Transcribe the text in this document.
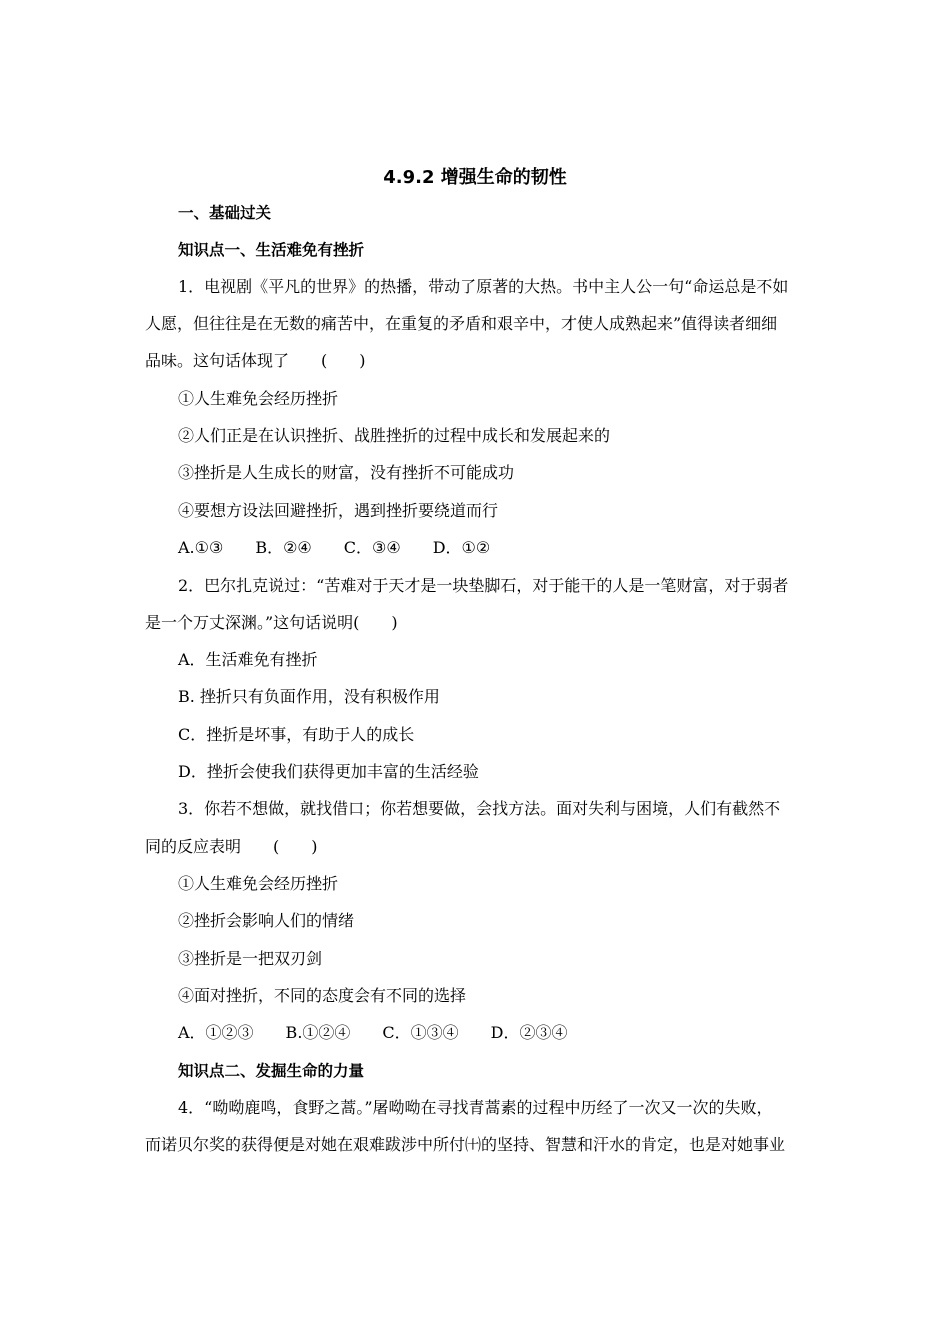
4.9.2 增强生命的韧性
一、基础过关
知识点一、生活难免有挫折
1．电视剧《平凡的世界》的热播，带动了原著的大热。书中主人公一句“命运总是不如
人愿，但往往是在无数的痛苦中，在重复的矛盾和艰辛中，才使人成熟起来”值得读者细细
品味。这句话体现了　　(　　)
①人生难免会经历挫折
②人们正是在认识挫折、战胜挫折的过程中成长和发展起来的
③挫折是人生成长的财富，没有挫折不可能成功
④要想方设法回避挫折，遇到挫折要绕道而行
A.①③　　B．②④　　C．③④　　D．①②
2．巴尔扎克说过：“苦难对于天才是一块垫脚石，对于能干的人是一笔财富，对于弱者
是一个万丈深渊。”这句话说明(　　)
A．生活难免有挫折
B. 挫折只有负面作用，没有积极作用
C．挫折是坏事，有助于人的成长
D．挫折会使我们获得更加丰富的生活经验
3．你若不想做，就找借口；你若想要做，会找方法。面对失利与困境，人们有截然不
同的反应表明　　(　　)
①人生难免会经历挫折
②挫折会影响人们的情绪
③挫折是一把双刃剑
④面对挫折，不同的态度会有不同的选择
A．①②③　　B.①②④　　C．①③④　　D．②③④
知识点二、发掘生命的力量
4．“呦呦鹿鸣，食野之蒿。”屠呦呦在寻找青蒿素的过程中历经了一次又一次的失败，
而诺贝尔奖的获得便是对她在艰难跋涉中所付㈩的坚持、智慧和汗水的肯定，也是对她事业
